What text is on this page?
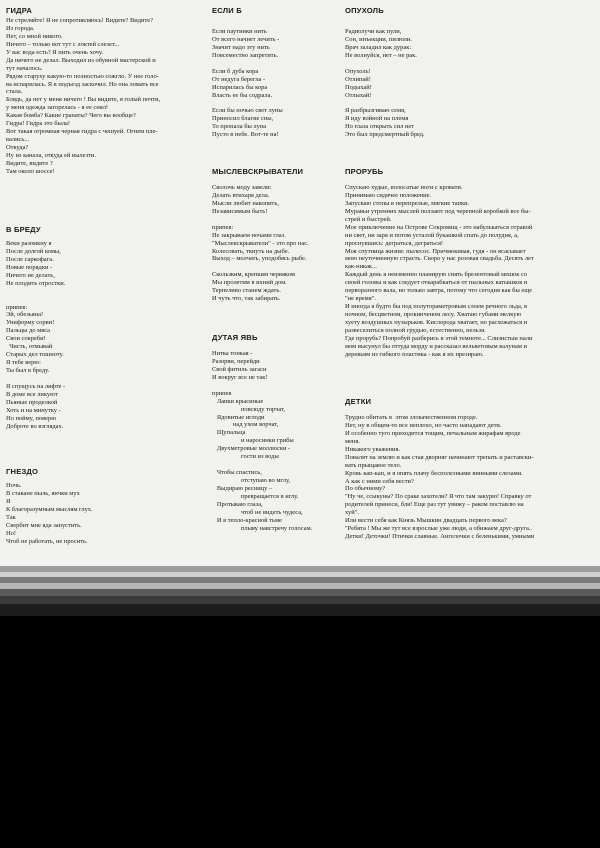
ГИДРА
Не стреляйте! Я не сопротивляюсь! Видите? Видите?
Из города.
Нет, со мной никого.
Ничего – только вот тут с локтей слезет...
У вас вода есть? Я пить очень хочу.
Да ничего не делал. Выходил из обувной мастерской и
тут началось.
Рядом старуху какую-то полностью сожгло. У нее голо-
ва испарилась. Я в подъезд заскочил. Но она ломать все
стала.
Блядь, да нет у меня ничего ! Вы видите, я голый почти,
у меня одежда загорелась - я ее снял!
Какая бомба? Какие гранаты? Чего вы вообще?
Гидра! Гидра это была!
Вот такая огромная черная гидра с чешуей. Огнем пле-
вались...
Откуда?
Ну из канала, откуда ей вылезти.
Видите, видите ?
Там около шоссе!
В БРЕДУ
Веки разомкну я
После долгой комы,
После саркофага.
Новые порядки -
Ничего не делать,
Не плодить отростки.
припев:
Эй, обезьяна!
Униформу сорви!
Пальцы до мяса
Свои сокреби!
Чисть, отмывай
Старых дел тошноту.
Я тебе верю:
Ты был в бреду.
Я спущусь на лифте -
В доме все ликуют
Пьяные проделкой
Хоть и на минутку -
Но пойму, поверю
Доброте во взглядах.
ГНЕЗДО
Ночь.
В стакане пыль, янчки мух
Я
К благоразумным мыслям глух.
Так
Свербит мне яда запустить.
Но!
Чтоб не работать, не просить.
ЕСЛИ Б
Если паутинки нить
От всего начнет лечить -
Значит надо эту нить
Повсеместно запретить.
Если б дуба кора
От недуга берегла -
Испарилась бы кора
Власть ее бы содрала.
Если бы ночью свет луны
Приносил благие сны,
То пропала бы луна
Пусто в небе. Вот-те на!
МЫСЛЕВСКРЫВАТЕЛИ
Сволочь моду завели:
Делать втихаря дела.
Мысли любит накопить,
Независимым быть!
припев:
Не закрываем ночами глаз.
"Мыслевскрыватели" - это про нас.
Колесовать, ткнуть на дыбе.
Выход – молчать, уподобясь рыбе.
Скользким, крепким червяком
Мы пролетим в ихний дом.
Терпеливо станем ждать.
И чуть что, так забирать.
ДУТАЯ ЯВЬ
Нитка тонкая -
Разорви, перейди
Свой фитиль загаси
И вокруг все не так!
припев
Лапки крысиные
повсюду торчат,
Ядовитые иглоди
над ухом ворчат,
Щупальца
и наросинки грибы
Двухметровые моллюски -
гости из воды
Чтобы спастись,
отступаю во мглу,
Выдираю ресницу –
превращается в иглу.
Протыкаю глаза,
чтоб не видеть чудеса,
И в тепло-красной тьме
плыву навстречу голосам.
ОПУХОЛЬ
Радиолучи как пули,
Сон, инъекции, пилюли.
Врач заладил как дурак:
Не волнуйся, нет – не рак.
Опухоль!
Отлипай!
Подыхай!
Отлыхай!
Я разбрызгиваю семя,
Я иду войной на племя
Но глаза открыть сил нет
Это был предсмертный бред.
ПРОРУБЬ
Спускаю худые, волосатые ноги с кровати.
Принимаю сидячее положение.
Запускаю стопы в перепрелые, мягкие тапки.
Муравьи утренних мыслей ползают под черепной коробкой все бы-
стрей и быстрей.
Мое приключение на Острове Сокровищ - это набулькаться отравой
ни свет, ни заря и потом усталой букашкой спать до полудня, а,
проснувшись: деграться, деграться!
Моя спутница жизни: пылесос. Причмокивая, гудя - он всасывает
мою неуточненную страсть. Скоро у нас розовая свадьба. Десять лет
как-никак...
Каждый день я неизменно планирую снять брезентовый мешок со
своей головы и как следует откарабкаться от пыльных катышков и
перворазного вала, но только завтра, потому что сегодня как бы еще
"не время".
И иногда я будто бы под полутораметровым слоем речного льда, в
ночном, бесцветном, прокинченом лесу. Хватаю губами мелкую
хуету воздушных пузырьков. Кислорода хватает, но расхожаться и
развеселиться полной грудью, естественно, нельзя.
Где прорубь? Попробуй разберись в этой темноте... Слизистыи нали
мом высунул бы оттуда морду и рассказал вельветовым валунам и
деревьям из гибкого пластика - как я их презираю.
ДЕТКИ
Трудно обитать в  этом злокачественном городе.
Нет, ну в общем-то все неплохо, но часто нападают дети.
И особенно туго приходится тощим, печальным жирафам вроде
меня.
Никакого уважения.
Повалят на землю и как стая дворняг начинают трепать и раставски-
вать прыщавое тело.
Кровь кап-кап, и я опять плачу бесполезными винными слезами.
А как с ними себя вести?
По обычному?
"Ну че, ссыкуны? По сраке захотели? Я что там закурю! Справку от
родителей принеси, бля! Еще раз тут увижу – раком поставлю на
хуй".
Или вести себя как Князь Мышкин двадцать первого века?
"Ребята ! Мы же тут все взрослые уже люди, а обижаем друг-друга..
Детки! Деточки! Птички славные. Ангелочки с беленькими, умными
